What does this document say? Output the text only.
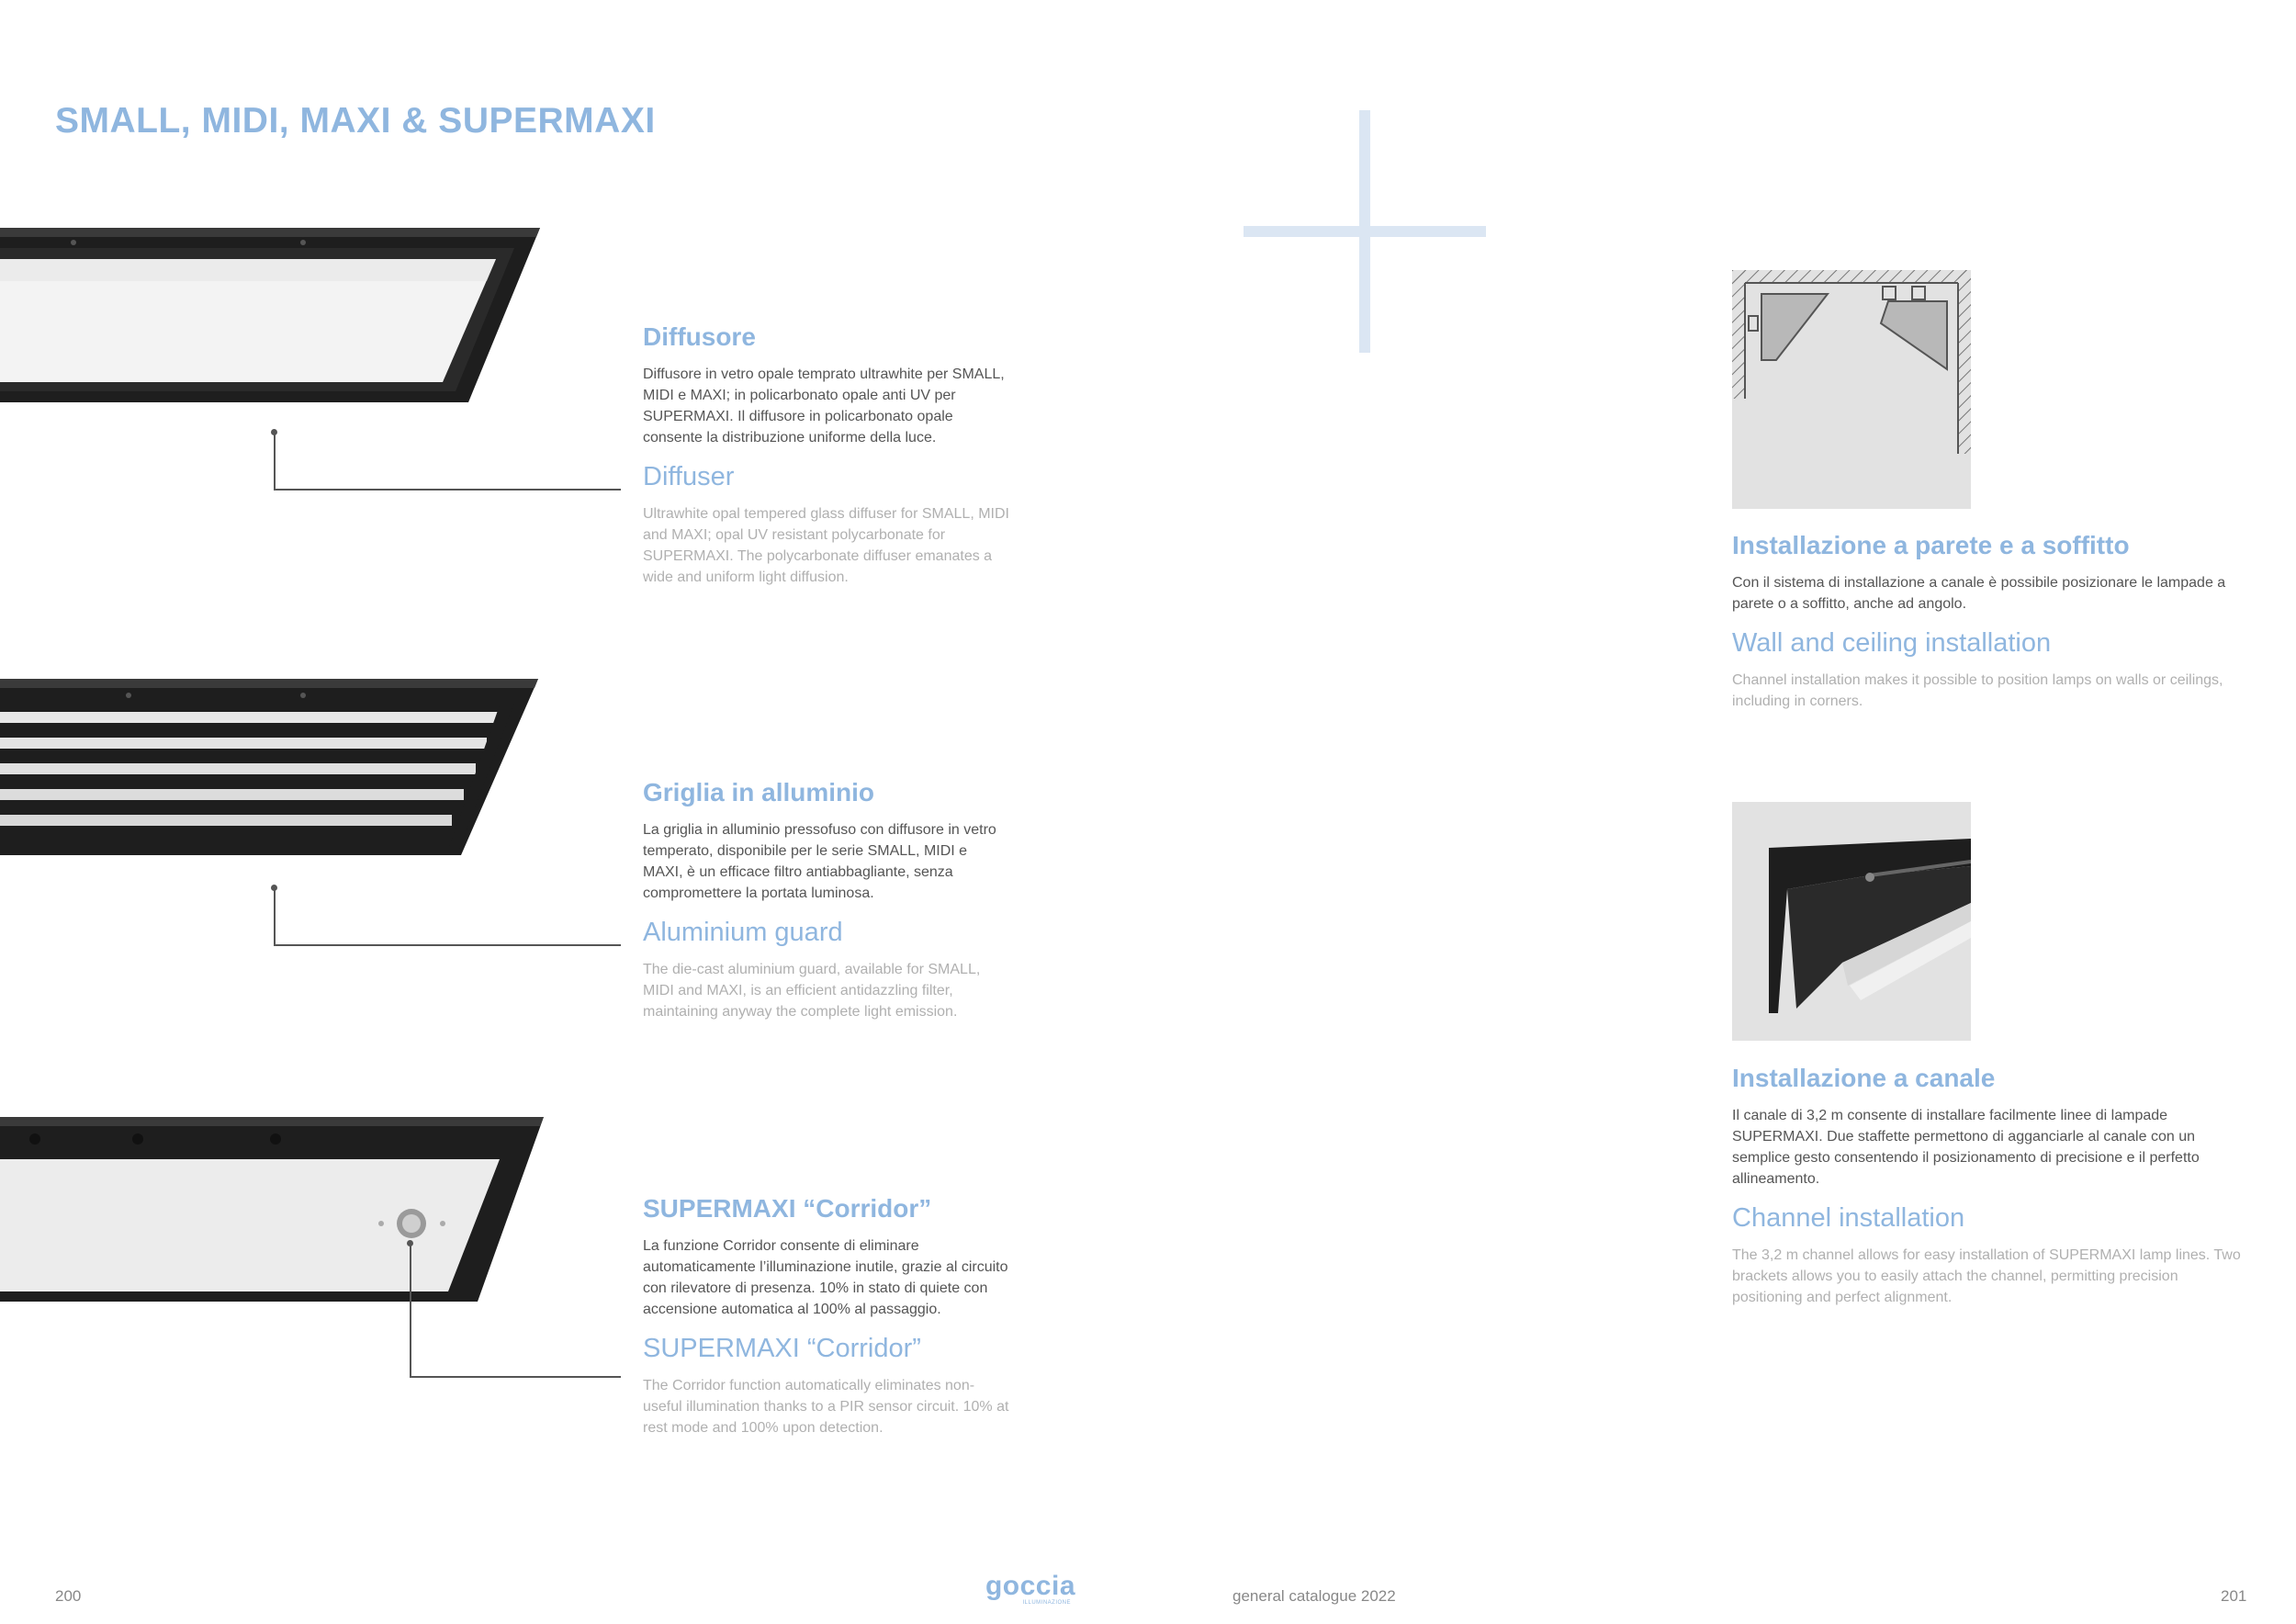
SMALL, MIDI, MAXI & SUPERMAXI
Diffusore

Diffusore in vetro opale temprato ultrawhite per SMALL, MIDI e MAXI; in policarbonato opale anti UV per SUPERMAXI. Il diffusore in policarbonato opale consente la distribuzione uniforme della luce.

Diffuser

Ultrawhite opal tempered glass diffuser for SMALL, MIDI and MAXI; opal UV resistant polycarbonate for SUPERMAXI. The polycarbonate diffuser emanates a wide and uniform light diffusion.

Griglia in alluminio

La griglia in alluminio pressofuso con diffusore in vetro temperato, disponibile per le serie SMALL, MIDI e MAXI, è un efficace filtro antiabbagliante, senza compromettere la portata luminosa.

Aluminium guard

The die-cast aluminium guard, available for SMALL, MIDI and MAXI, is an efficient antidazzling filter, maintaining anyway the complete light emission.

SUPERMAXI “Corridor”

La funzione Corridor consente di eliminare automaticamente l’illuminazione inutile, grazie al circuito con rilevatore di presenza. 10% in stato di quiete con accensione automatica al 100% al passaggio.

SUPERMAXI “Corridor”

The Corridor function automatically eliminates non-useful illumination thanks to a PIR sensor circuit. 10% at rest mode and 100% upon detection.

Installazione a parete e a soffitto

Con il sistema di installazione a canale è possibile posizionare le lampade a parete o a soffitto, anche ad angolo.

Wall and ceiling installation

Channel installation makes it possible to position lamps on walls or ceilings, including in corners.

Installazione a canale

Il canale di 3,2 m consente di installare facilmente linee di lampade SUPERMAXI. Due staffette permettono di agganciarle al canale con un semplice gesto consentendo il posizionamento di precisione e il perfetto allineamento.

Channel installation

The 3,2 m channel allows for easy installation of SUPERMAXI lamp lines. Two brackets allows you to easily attach the channel, permitting precision positioning and perfect alignment.

200	goccia
ILLUMINAZIONE	general catalogue 2022	201
